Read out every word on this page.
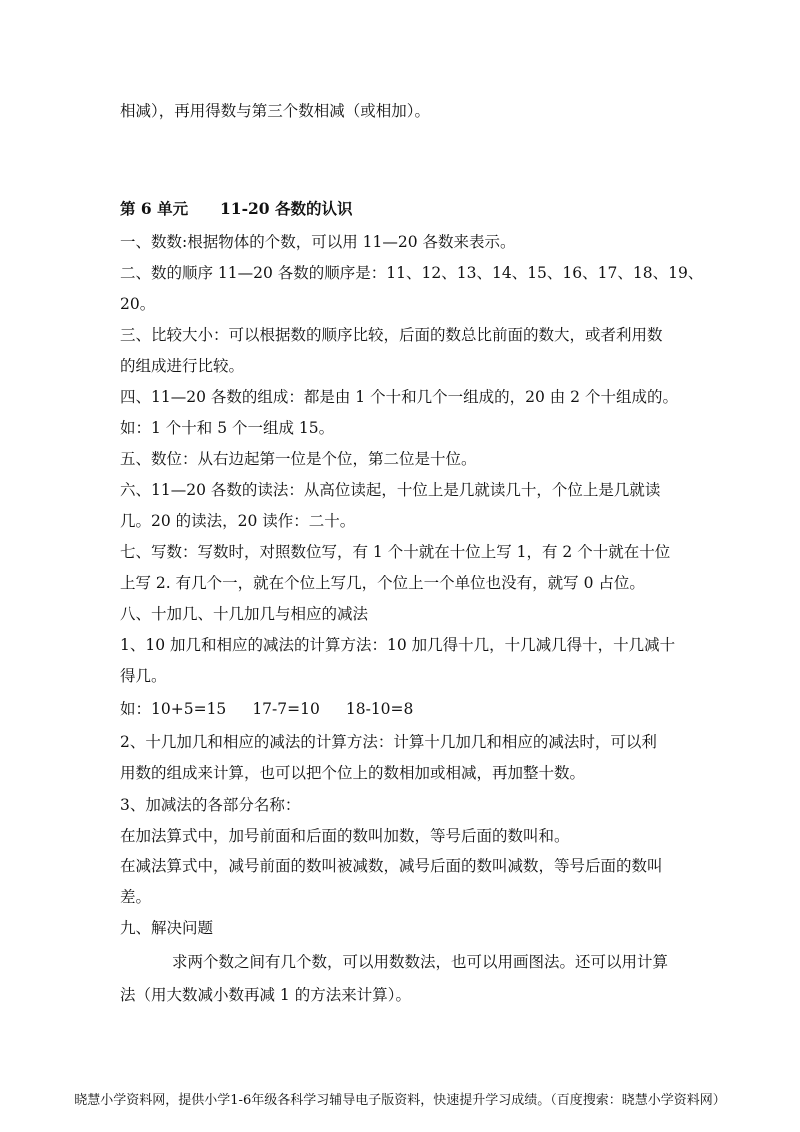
相减），再用得数与第三个数相减（或相加）。

第 6 单元 11-20 各数的认识

一、数数:根据物体的个数，可以用 11—20 各数来表示。

二、数的顺序 11—20 各数的顺序是：11、12、13、14、15、16、17、18、19、

20。

三、比较大小：可以根据数的顺序比较，后面的数总比前面的数大，或者利用数

的组成进行比较。

四、11—20 各数的组成：都是由 1 个十和几个一组成的，20 由 2 个十组成的。

如：1 个十和 5 个一组成 15。

五、数位：从右边起第一位是个位，第二位是十位。

六、11—20 各数的读法：从高位读起，十位上是几就读几十，个位上是几就读

几。20 的读法，20 读作：二十。

七、写数：写数时，对照数位写，有 1 个十就在十位上写 1，有 2 个十就在十位

上写 2. 有几个一，就在个位上写几，个位上一个单位也没有，就写 0 占位。

八、十加几、十几加几与相应的减法

1、10 加几和相应的减法的计算方法：10 加几得十几，十几减几得十，十几减十

得几。

如：10+5=15 17-7=10 18-10=8

2、十几加几和相应的减法的计算方法：计算十几加几和相应的减法时，可以利

用数的组成来计算，也可以把个位上的数相加或相减，再加整十数。

3、加减法的各部分名称：

在加法算式中，加号前面和后面的数叫加数，等号后面的数叫和。

在减法算式中，减号前面的数叫被减数，减号后面的数叫减数，等号后面的数叫

差。

九、解决问题

求两个数之间有几个数，可以用数数法，也可以用画图法。还可以用计算

法（用大数减小数再减 1 的方法来计算）。

晓慧小学资料网，提供小学1-6年级各科学习辅导电子版资料，快速提升学习成绩。（百度搜索：晓慧小学资料网）
